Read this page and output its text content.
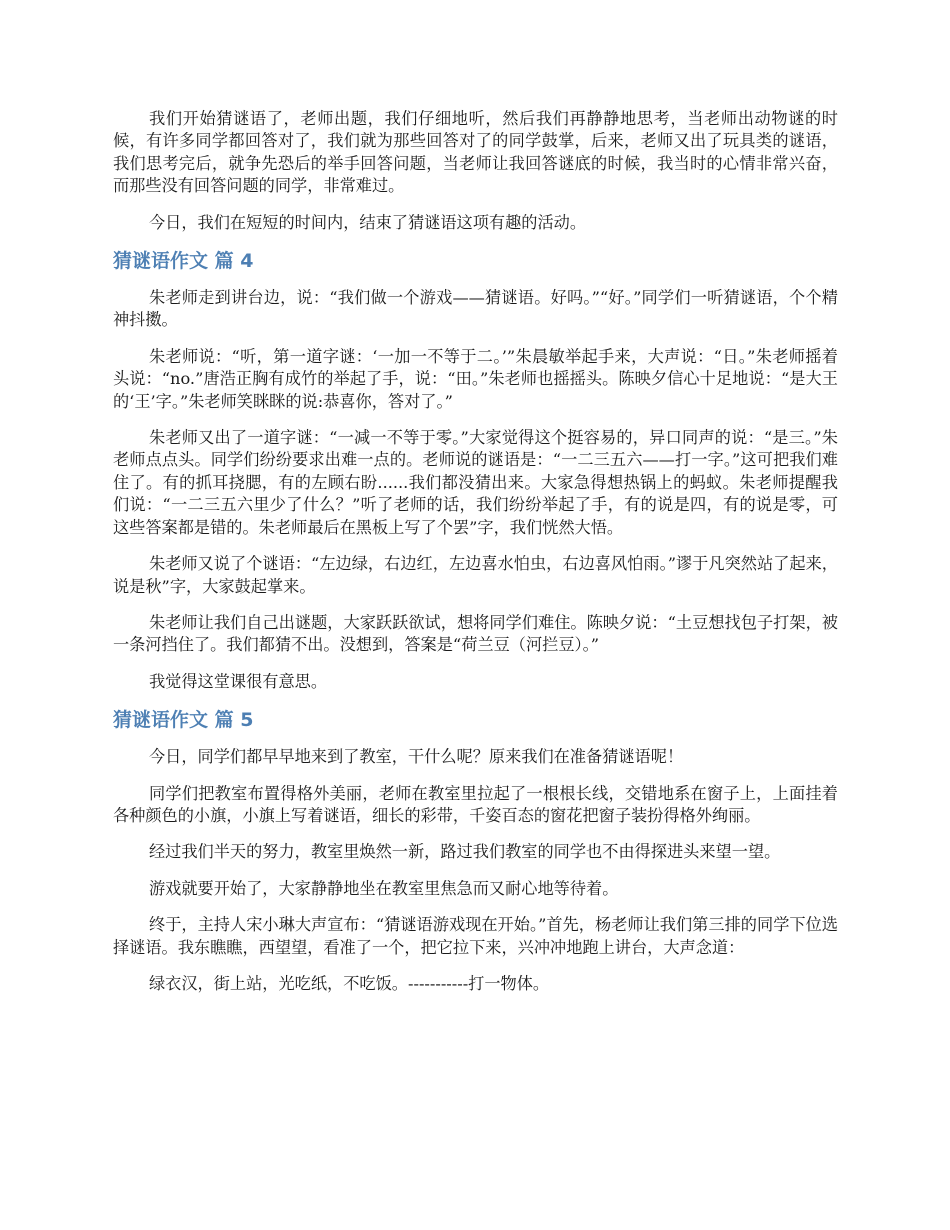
我们开始猜谜语了，老师出题，我们仔细地听，然后我们再静静地思考，当老师出动物谜的时候，有许多同学都回答对了，我们就为那些回答对了的同学鼓掌，后来，老师又出了玩具类的谜语，我们思考完后，就争先恐后的举手回答问题，当老师让我回答谜底的时候，我当时的心情非常兴奋，而那些没有回答问题的同学，非常难过。

今日，我们在短短的时间内，结束了猜谜语这项有趣的活动。

猜谜语作文 篇 4

朱老师走到讲台边，说：“我们做一个游戏——猜谜语。好吗。”“好。”同学们一听猜谜语，个个精神抖擞。

朱老师说：“听，第一道字谜：‘一加一不等于二。’”朱晨敏举起手来，大声说：“日。”朱老师摇着头说：“no.”唐浩正胸有成竹的举起了手，说：“田。”朱老师也摇摇头。陈映夕信心十足地说：“是大王的‘王’字。”朱老师笑眯眯的说:恭喜你，答对了。”

朱老师又出了一道字谜：“一减一不等于零。”大家觉得这个挺容易的，异口同声的说：“是三。”朱老师点点头。同学们纷纷要求出难一点的。老师说的谜语是：“一二三五六——打一字。”这可把我们难住了。有的抓耳挠腮，有的左顾右盼......我们都没猜出来。大家急得想热锅上的蚂蚁。朱老师提醒我们说：“一二三五六里少了什么？”听了老师的话，我们纷纷举起了手，有的说是四，有的说是零，可这些答案都是错的。朱老师最后在黑板上写了个罢”字，我们恍然大悟。

朱老师又说了个谜语：“左边绿，右边红，左边喜水怕虫，右边喜风怕雨。”谬于凡突然站了起来，说是秋”字，大家鼓起掌来。

朱老师让我们自己出谜题，大家跃跃欲试，想将同学们难住。陈映夕说：“土豆想找包子打架，被一条河挡住了。我们都猜不出。没想到，答案是“荷兰豆（河拦豆）。”

我觉得这堂课很有意思。

猜谜语作文 篇 5

今日，同学们都早早地来到了教室，干什么呢？原来我们在准备猜谜语呢！

同学们把教室布置得格外美丽，老师在教室里拉起了一根根长线，交错地系在窗子上，上面挂着各种颜色的小旗，小旗上写着谜语，细长的彩带，千姿百态的窗花把窗子装扮得格外绚丽。

经过我们半天的努力，教室里焕然一新，路过我们教室的同学也不由得探进头来望一望。

游戏就要开始了，大家静静地坐在教室里焦急而又耐心地等待着。

终于，主持人宋小琳大声宣布：“猜谜语游戏现在开始。”首先，杨老师让我们第三排的同学下位选择谜语。我东瞧瞧，西望望，看准了一个，把它拉下来，兴冲冲地跑上讲台，大声念道：

绿衣汉，街上站，光吃纸，不吃饭。-----------打一物体。
